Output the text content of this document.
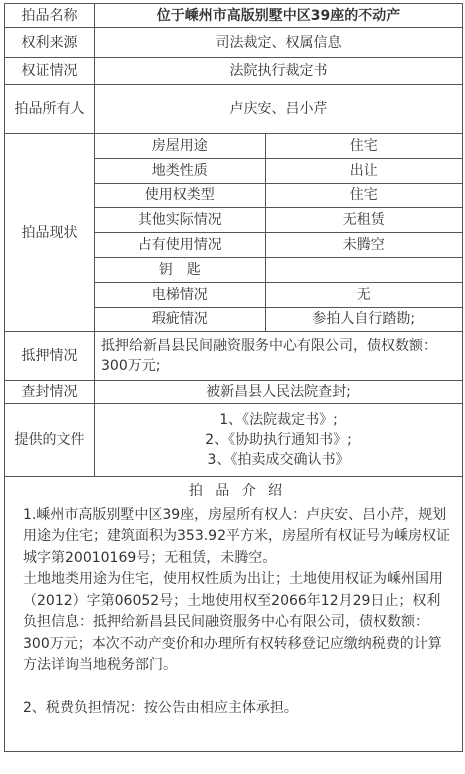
拍品名称	位于嵊州市高版别墅中区39座的不动产
权利来源	司法裁定、权属信息
权证情况	法院执行裁定书
拍品所有人	卢庆安、吕小芹
拍品现状	
房屋用途	住宅
地类性质	出让
使用权类型	住宅
其他实际情况	无租赁
占有使用情况	未腾空
钥　匙	
电梯情况	无
瑕疵情况	参拍人自行踏勘;

抵押情况	抵押给新昌县民间融资服务中心有限公司，债权数额：300万元;
查封情况	被新昌县人民法院查封;
提供的文件	
1、《法院裁定书》;
2、《协助执行通知书》;
3、《拍卖成交确认书》

拍 品 介 绍

1.嵊州市高版别墅中区39座，房屋所有权人：卢庆安、吕小芹，规划用途为住宅；建筑面积为353.92平方米，房屋所有权证号为嵊房权证城字第20010169号；无租赁，未腾空。

土地地类用途为住宅，使用权性质为出让；土地使用权证为嵊州国用（2012）字第06052号；土地使用权至2066年12月29日止；权利负担信息：抵押给新昌县民间融资服务中心有限公司，债权数额：300万元；本次不动产变价和办理所有权转移登记应缴纳税费的计算方法详询当地税务部门。

2、税费负担情况：按公告由相应主体承担。
